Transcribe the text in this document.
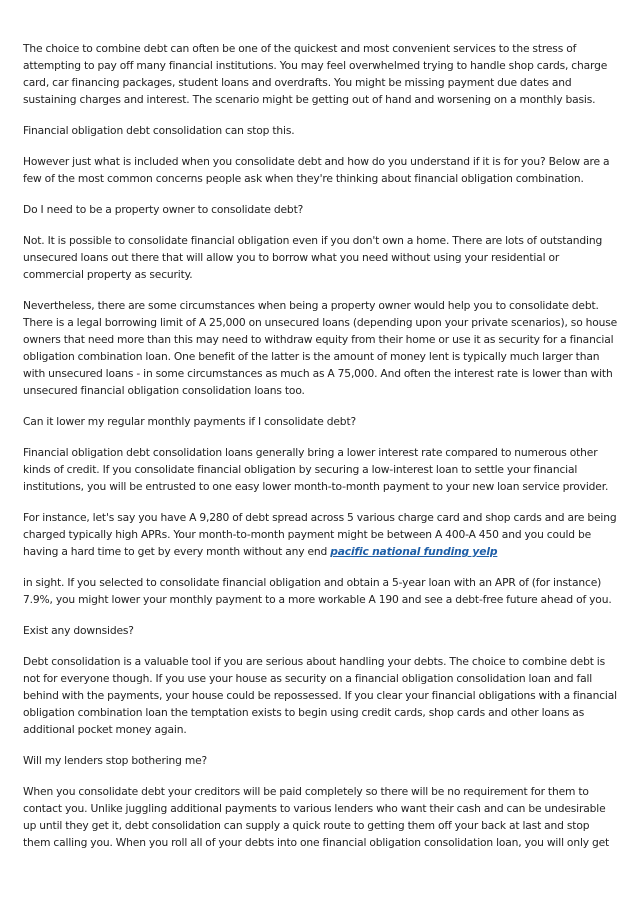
The choice to combine debt can often be one of the quickest and most convenient services to the stress of attempting to pay off many financial institutions. You may feel overwhelmed trying to handle shop cards, charge card, car financing packages, student loans and overdrafts. You might be missing payment due dates and sustaining charges and interest. The scenario might be getting out of hand and worsening on a monthly basis.

Financial obligation debt consolidation can stop this.

However just what is included when you consolidate debt and how do you understand if it is for you? Below are a few of the most common concerns people ask when they're thinking about financial obligation combination.

Do I need to be a property owner to consolidate debt?

Not. It is possible to consolidate financial obligation even if you don't own a home. There are lots of outstanding unsecured loans out there that will allow you to borrow what you need without using your residential or commercial property as security.

Nevertheless, there are some circumstances when being a property owner would help you to consolidate debt. There is a legal borrowing limit of A 25,000 on unsecured loans (depending upon your private scenarios), so house owners that need more than this may need to withdraw equity from their home or use it as security for a financial obligation combination loan. One benefit of the latter is the amount of money lent is typically much larger than with unsecured loans - in some circumstances as much as A 75,000. And often the interest rate is lower than with unsecured financial obligation consolidation loans too.

Can it lower my regular monthly payments if I consolidate debt?

Financial obligation debt consolidation loans generally bring a lower interest rate compared to numerous other kinds of credit. If you consolidate financial obligation by securing a low-interest loan to settle your financial institutions, you will be entrusted to one easy lower month-to-month payment to your new loan service provider.

For instance, let's say you have A 9,280 of debt spread across 5 various charge card and shop cards and are being charged typically high APRs. Your month-to-month payment might be between A 400-A 450 and you could be having a hard time to get by every month without any end pacific national funding yelp

in sight. If you selected to consolidate financial obligation and obtain a 5-year loan with an APR of (for instance) 7.9%, you might lower your monthly payment to a more workable A 190 and see a debt-free future ahead of you.

Exist any downsides?

Debt consolidation is a valuable tool if you are serious about handling your debts. The choice to combine debt is not for everyone though. If you use your house as security on a financial obligation consolidation loan and fall behind with the payments, your house could be repossessed. If you clear your financial obligations with a financial obligation combination loan the temptation exists to begin using credit cards, shop cards and other loans as additional pocket money again.

Will my lenders stop bothering me?

When you consolidate debt your creditors will be paid completely so there will be no requirement for them to contact you. Unlike juggling additional payments to various lenders who want their cash and can be undesirable up until they get it, debt consolidation can supply a quick route to getting them off your back at last and stop them calling you. When you roll all of your debts into one financial obligation consolidation loan, you will only get
